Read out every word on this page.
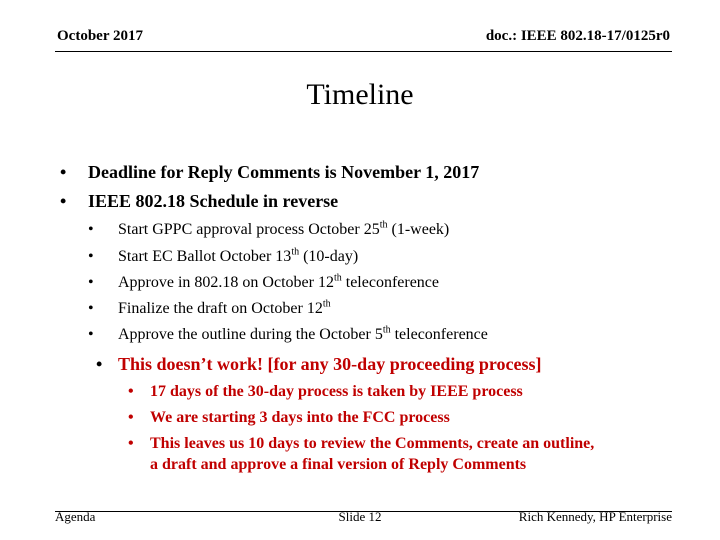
October 2017	doc.: IEEE 802.18-17/0125r0
Timeline
•	Deadline for Reply Comments is November 1, 2017
•	IEEE 802.18 Schedule in reverse
•	Start GPPC approval process October 25th (1-week)
•	Start EC Ballot October 13th (10-day)
•	Approve in 802.18 on October 12th teleconference
•	Finalize the draft on October 12th
•	Approve the outline during the October 5th teleconference
• This doesn’t work! [for any 30-day proceeding process]
•	17 days of the 30-day process is taken by IEEE process
•	We are starting 3 days into the FCC process
•	This leaves us 10 days to review the Comments, create an outline,
a draft and approve a final version of Reply Comments
Agenda	Slide 12	Rich Kennedy, HP Enterprise
